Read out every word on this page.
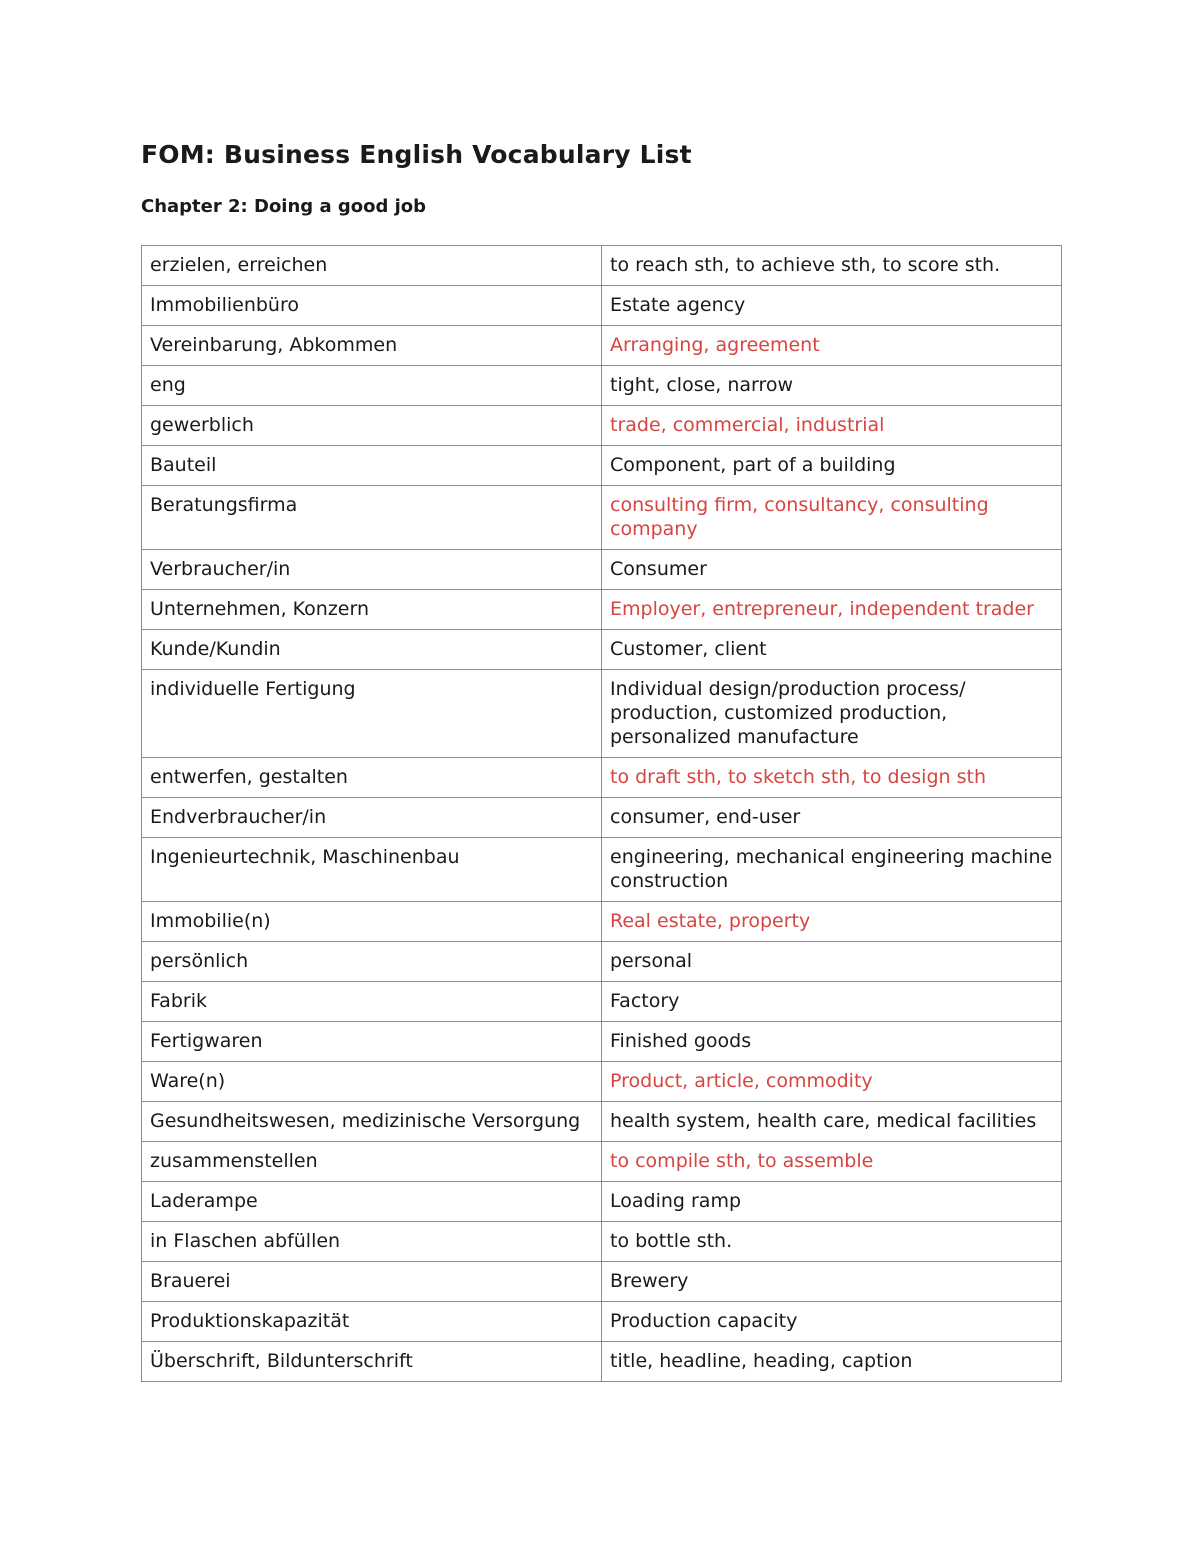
FOM: Business English Vocabulary List
Chapter 2: Doing a good job
erzielen, erreichen	to reach sth, to achieve sth, to score sth.
Immobilienbüro	Estate agency
Vereinbarung, Abkommen	Arranging, agreement
eng	tight, close, narrow
gewerblich	trade, commercial, industrial
Bauteil	Component, part of a building
Beratungsfirma	consulting firm, consultancy, consulting company
Verbraucher/in	Consumer
Unternehmen, Konzern	Employer, entrepreneur, independent trader
Kunde/Kundin	Customer, client
individuelle Fertigung	Individual design/production process/ production, customized production, personalized manufacture
entwerfen, gestalten	to draft sth, to sketch sth, to design sth
Endverbraucher/in	consumer, end-user
Ingenieurtechnik, Maschinenbau	engineering, mechanical engineering machine construction
Immobilie(n)	Real estate, property
persönlich	personal
Fabrik	Factory
Fertigwaren	Finished goods
Ware(n)	Product, article, commodity
Gesundheitswesen, medizinische Versorgung	health system, health care, medical facilities
zusammenstellen	to compile sth, to assemble
Laderampe	Loading ramp
in Flaschen abfüllen	to bottle sth.
Brauerei	Brewery
Produktionskapazität	Production capacity
Überschrift, Bildunterschrift	title, headline, heading, caption
